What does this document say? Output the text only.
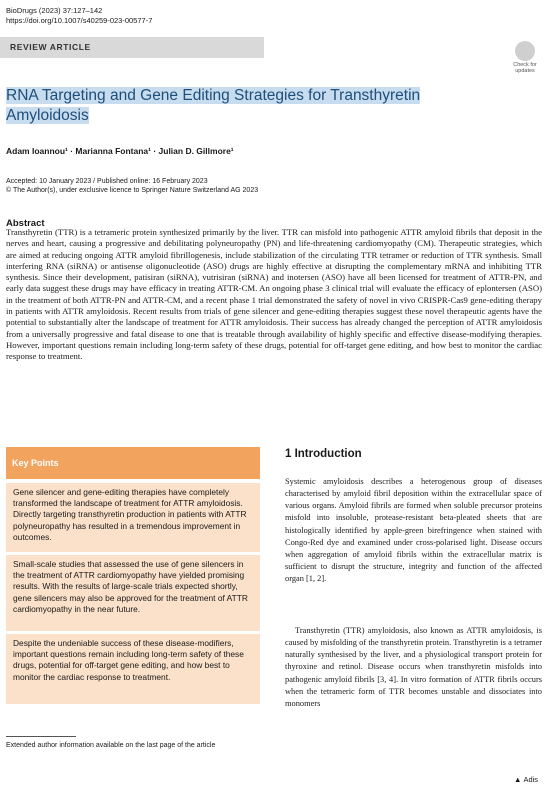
BioDrugs (2023) 37:127–142
https://doi.org/10.1007/s40259-023-00577-7
REVIEW ARTICLE
Check for updates
RNA Targeting and Gene Editing Strategies for Transthyretin Amyloidosis
Adam Ioannou¹ · Marianna Fontana¹ · Julian D. Gillmore¹
Accepted: 10 January 2023 / Published online: 16 February 2023
© The Author(s), under exclusive licence to Springer Nature Switzerland AG 2023
Abstract
Transthyretin (TTR) is a tetrameric protein synthesized primarily by the liver. TTR can misfold into pathogenic ATTR amyloid fibrils that deposit in the nerves and heart, causing a progressive and debilitating polyneuropathy (PN) and life-threatening cardiomyopathy (CM). Therapeutic strategies, which are aimed at reducing ongoing ATTR amyloid fibrillogenesis, include stabilization of the circulating TTR tetramer or reduction of TTR synthesis. Small interfering RNA (siRNA) or antisense oligonucleotide (ASO) drugs are highly effective at disrupting the complementary mRNA and inhibiting TTR synthesis. Since their development, patisiran (siRNA), vutrisiran (siRNA) and inotersen (ASO) have all been licensed for treatment of ATTR-PN, and early data suggest these drugs may have efficacy in treating ATTR-CM. An ongoing phase 3 clinical trial will evaluate the efficacy of eplontersen (ASO) in the treatment of both ATTR-PN and ATTR-CM, and a recent phase 1 trial demonstrated the safety of novel in vivo CRISPR-Cas9 gene-editing therapy in patients with ATTR amyloidosis. Recent results from trials of gene silencer and gene-editing therapies suggest these novel therapeutic agents have the potential to substantially alter the landscape of treatment for ATTR amyloidosis. Their success has already changed the perception of ATTR amyloidosis from a universally progressive and fatal disease to one that is treatable through availability of highly specific and effective disease-modifying therapies. However, important questions remain including long-term safety of these drugs, potential for off-target gene editing, and how best to monitor the cardiac response to treatment.
Key Points
Gene silencer and gene-editing therapies have completely transformed the landscape of treatment for ATTR amyloidosis. Directly targeting transthyretin production in patients with ATTR polyneuropathy has resulted in a tremendous improvement in outcomes.
Small-scale studies that assessed the use of gene silencers in the treatment of ATTR cardiomyopathy have yielded promising results. With the results of large-scale trials expected shortly, gene silencers may also be approved for the treatment of ATTR cardiomyopathy in the near future.
Despite the undeniable success of these disease-modifiers, important questions remain including long-term safety of these drugs, potential for off-target gene editing, and how best to monitor the cardiac response to treatment.
Extended author information available on the last page of the article
1 Introduction
Systemic amyloidosis describes a heterogenous group of diseases characterised by amyloid fibril deposition within the extracellular space of various organs. Amyloid fibrils are formed when soluble precursor proteins misfold into insoluble, protease-resistant beta-pleated sheets that are histologically identified by apple-green birefringence when stained with Congo-Red dye and examined under cross-polarised light. Disease occurs when aggregation of amyloid fibrils within the extracellular matrix is sufficient to disrupt the structure, integrity and function of the affected organ [1, 2].
Transthyretin (TTR) amyloidosis, also known as ATTR amyloidosis, is caused by misfolding of the transthyretin protein. Transthyretin is a tetramer naturally synthesised by the liver, and a physiological transport protein for thyroxine and retinol. Disease occurs when transthyretin misfolds into pathogenic amyloid fibrils [3, 4]. In vitro formation of ATTR fibrils occurs when the tetrameric form of TTR becomes unstable and dissociates into monomers
▲ Adis
